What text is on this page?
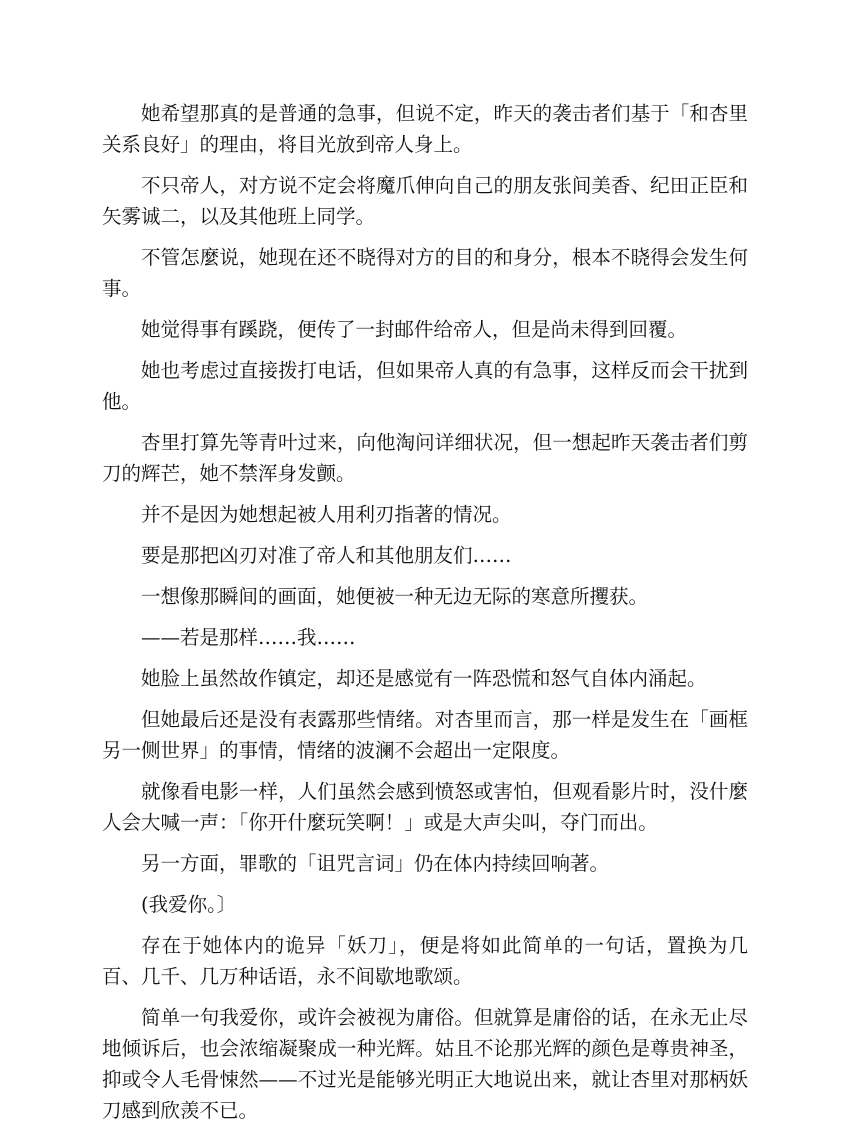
她希望那真的是普通的急事，但说不定，昨天的袭击者们基于「和杏里关系良好」的理由，将目光放到帝人身上。

不只帝人，对方说不定会将魔爪伸向自己的朋友张间美香、纪田正臣和矢雾诚二，以及其他班上同学。

不管怎麼说，她现在还不晓得对方的目的和身分，根本不晓得会发生何事。

她觉得事有蹊跷，便传了一封邮件给帝人，但是尚未得到回覆。

她也考虑过直接拨打电话，但如果帝人真的有急事，这样反而会干扰到他。

杏里打算先等青叶过来，向他淘问详细状况，但一想起昨天袭击者们剪刀的辉芒，她不禁浑身发颤。

并不是因为她想起被人用利刃指著的情况。

要是那把凶刃对准了帝人和其他朋友们……

一想像那瞬间的画面，她便被一种无边无际的寒意所攫获。

——若是那样……我……

她脸上虽然故作镇定，却还是感觉有一阵恐慌和怒气自体内涌起。

但她最后还是没有表露那些情绪。对杏里而言，那一样是发生在「画框另一侧世界」的事情，情绪的波澜不会超出一定限度。

就像看电影一样，人们虽然会感到愤怒或害怕，但观看影片时，没什麼人会大喊一声：「你开什麼玩笑啊！」或是大声尖叫，夺门而出。

另一方面，罪歌的「诅咒言词」仍在体内持续回响著。

(我爱你。〕

存在于她体内的诡异「妖刀」，便是将如此简单的一句话，置换为几百、几千、几万种话语，永不间歇地歌颂。

简单一句我爱你，或许会被视为庸俗。但就算是庸俗的话，在永无止尽地倾诉后，也会浓缩凝聚成一种光辉。姑且不论那光辉的颜色是尊贵神圣，抑或令人毛骨悚然——不过光是能够光明正大地说出来，就让杏里对那柄妖刀感到欣羡不已。
